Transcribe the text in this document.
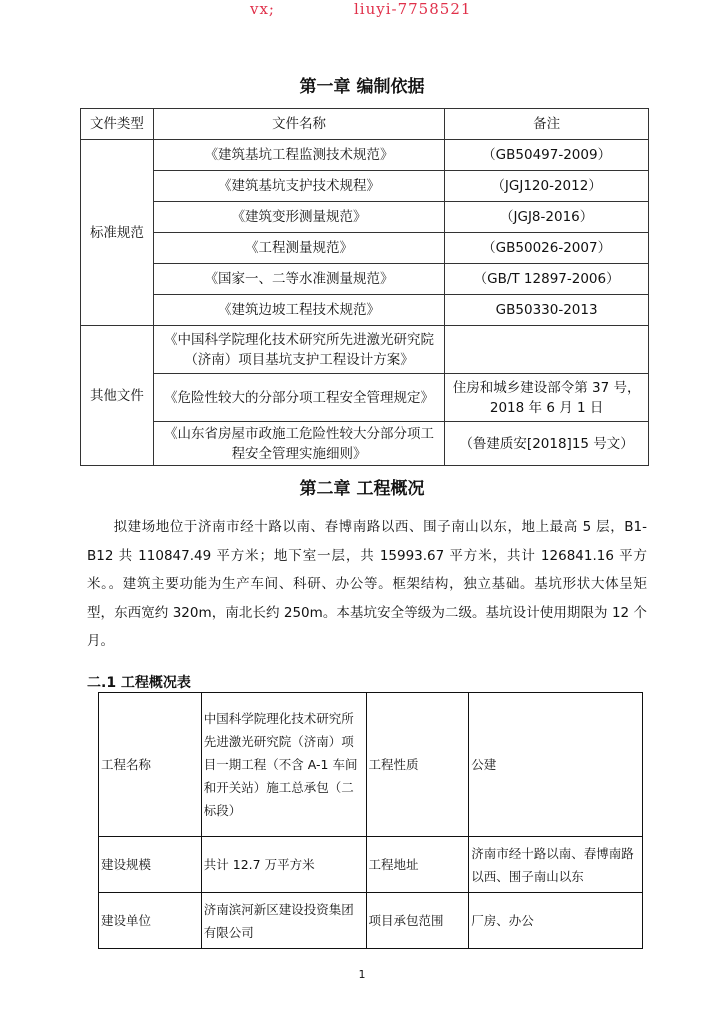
vx;	liuyi-7758521
第一章 编制依据
文件类型	文件名称	备注
标准规范	《建筑基坑工程监测技术规范》	（GB50497-2009）
	《建筑基坑支护技术规程》	（JGJ120-2012）
	《建筑变形测量规范》	（JGJ8-2016）
	《工程测量规范》	（GB50026-2007）
	《国家一、二等水准测量规范》	（GB/T 12897-2006）
	《建筑边坡工程技术规范》	GB50330-2013
其他文件	《中国科学院理化技术研究所先进激光研究院（济南）项目基坑支护工程设计方案》	
	《危险性较大的分部分项工程安全管理规定》	住房和城乡建设部令第 37 号，2018 年 6 月 1 日
	《山东省房屋市政施工危险性较大分部分项工程安全管理实施细则》	（鲁建质安[2018]15 号文）
第二章 工程概况

拟建场地位于济南市经十路以南、春博南路以西、围子南山以东，地上最高 5 层，B1-B12 共 110847.49 平方米；地下室一层，共 15993.67 平方米，共计 126841.16 平方米。。建筑主要功能为生产车间、科研、办公等。框架结构，独立基础。基坑形状大体呈矩型，东西宽约 320m，南北长约 250m。本基坑安全等级为二级。基坑设计使用期限为 12 个月。

二.1 工程概况表
工程名称	中国科学院理化技术研究所先进激光研究院（济南）项目一期工程（不含 A-1 车间和开关站）施工总承包（二标段）	工程性质	公建
建设规模	共计 12.7 万平方米	工程地址	济南市经十路以南、春博南路以西、围子南山以东
建设单位	济南滨河新区建设投资集团有限公司	项目承包范围	厂房、办公
1
